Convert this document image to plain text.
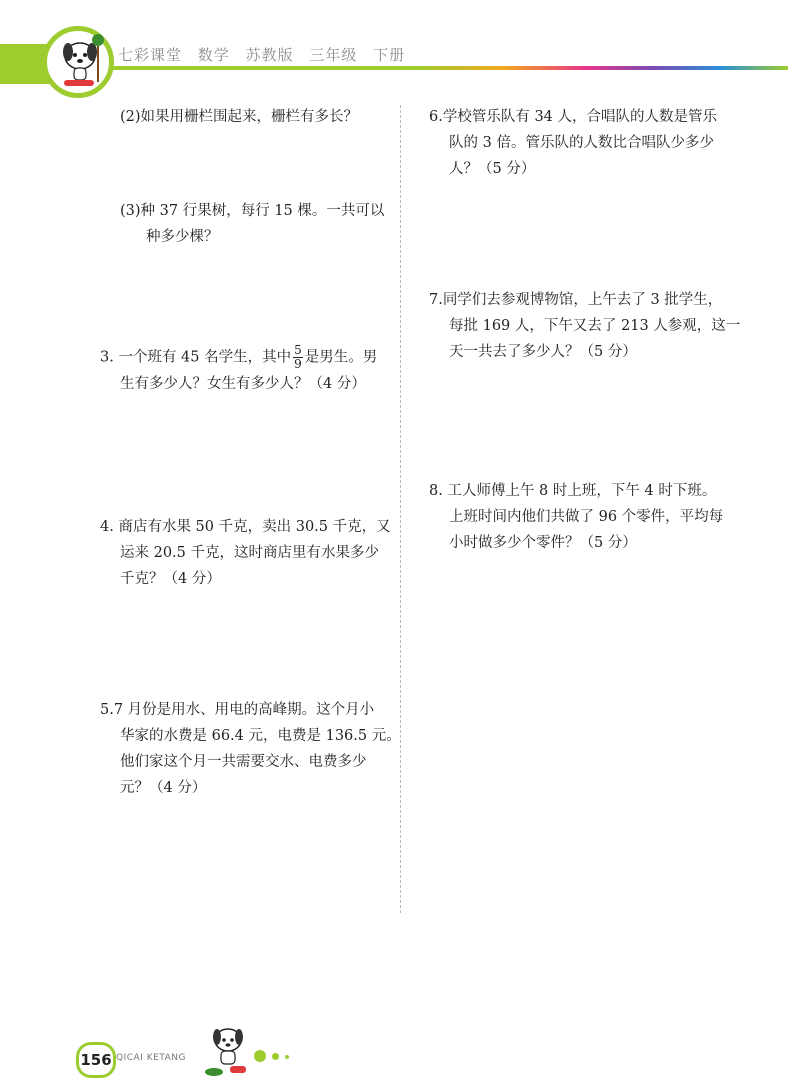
七彩课堂 数学 苏教版 三年级 下册
(2)如果用栅栏围起来，栅栏有多长？
(3)种 37 行果树，每行 15 棵。一共可以
种多少棵？
3. 一个班有 45 名学生，其中 $\frac{5}{9}$ 是男生。男
生有多少人？女生有多少人？（4 分）
4. 商店有水果 50 千克，卖出 30.5 千克，又
运来 20.5 千克，这时商店里有水果多少
千克？（4 分）
5.7 月份是用水、用电的高峰期。这个月小
华家的水费是 66.4 元，电费是 136.5 元。
他们家这个月一共需要交水、电费多少
元？（4 分）
6.学校管乐队有 34 人，合唱队的人数是管乐
队的 3 倍。管乐队的人数比合唱队少多少
人？（5 分）
7.同学们去参观博物馆，上午去了 3 批学生，
每批 169 人，下午又去了 213 人参观，这一
天一共去了多少人？（5 分）
8. 工人师傅上午 8 时上班，下午 4 时下班。
上班时间内他们共做了 96 个零件，平均每
小时做多少个零件？（5 分）
156 QICAI KETANG
